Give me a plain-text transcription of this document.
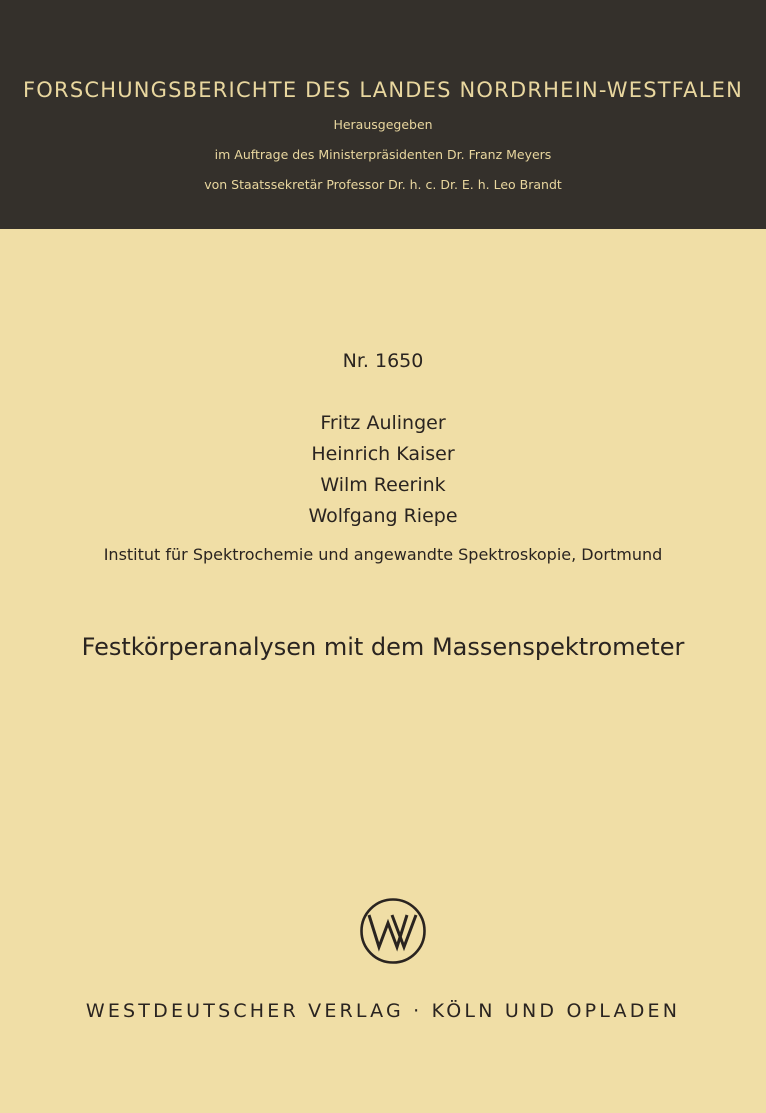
FORSCHUNGSBERICHTE DES LANDES NORDRHEIN-WESTFALEN
Herausgegeben
im Auftrage des Ministerpräsidenten Dr. Franz Meyers
von Staatssekretär Professor Dr. h. c. Dr. E. h. Leo Brandt
Nr. 1650
Fritz Aulinger
Heinrich Kaiser
Wilm Reerink
Wolfgang Riepe
Institut für Spektrochemie und angewandte Spektroskopie, Dortmund
Festkörperanalysen mit dem Massenspektrometer
WESTDEUTSCHER VERLAG · KÖLN UND OPLADEN
